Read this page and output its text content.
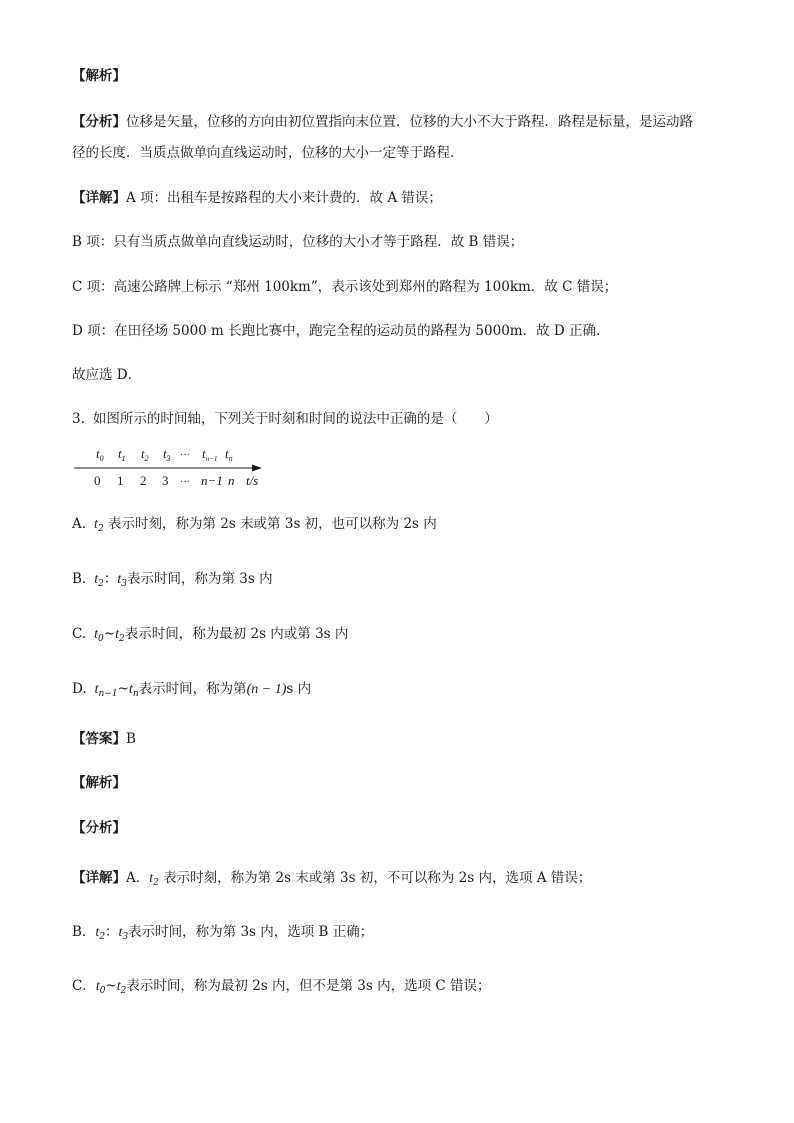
【解析】
【分析】位移是矢量，位移的方向由初位置指向末位置．位移的大小不大于路程．路程是标量，是运动路
径的长度．当质点做单向直线运动时，位移的大小一定等于路程．
【详解】A 项：出租车是按路程的大小来计费的．故 A 错误；
B 项：只有当质点做单向直线运动时，位移的大小才等于路程．故 B 错误；
C 项：高速公路牌上标示 “郑州 100km”，表示该处到郑州的路程为 100km．故 C 错误；
D 项：在田径场 5000 m 长跑比赛中，跑完全程的运动员的路程为 5000m．故 D 正确．
故应选 D．
3. 如图所示的时间轴，下列关于时刻和时间的说法中正确的是（　　）
$t_0$ $t_1$ $t_2$ $t_3$ ··· $t_{n-1}$ $t_n$
0 1 2 3 ··· n−1 n t/s
A. $t_2$ 表示时刻，称为第 2s 末或第 3s 初，也可以称为 2s 内
B. $t_2$：$t_3$表示时间，称为第 3s 内
C. $t_0\sim t_2$表示时间，称为最初 2s 内或第 3s 内
D. $t_{n-1}\sim t_n$表示时间，称为第(n − 1)s 内
【答案】B
【解析】
【分析】
【详解】A．$t_2$ 表示时刻，称为第 2s 末或第 3s 初，不可以称为 2s 内，选项 A 错误；
B．$t_2$：$t_3$表示时间，称为第 3s 内，选项 B 正确；
C．$t_0\sim t_2$表示时间，称为最初 2s 内，但不是第 3s 内，选项 C 错误；
